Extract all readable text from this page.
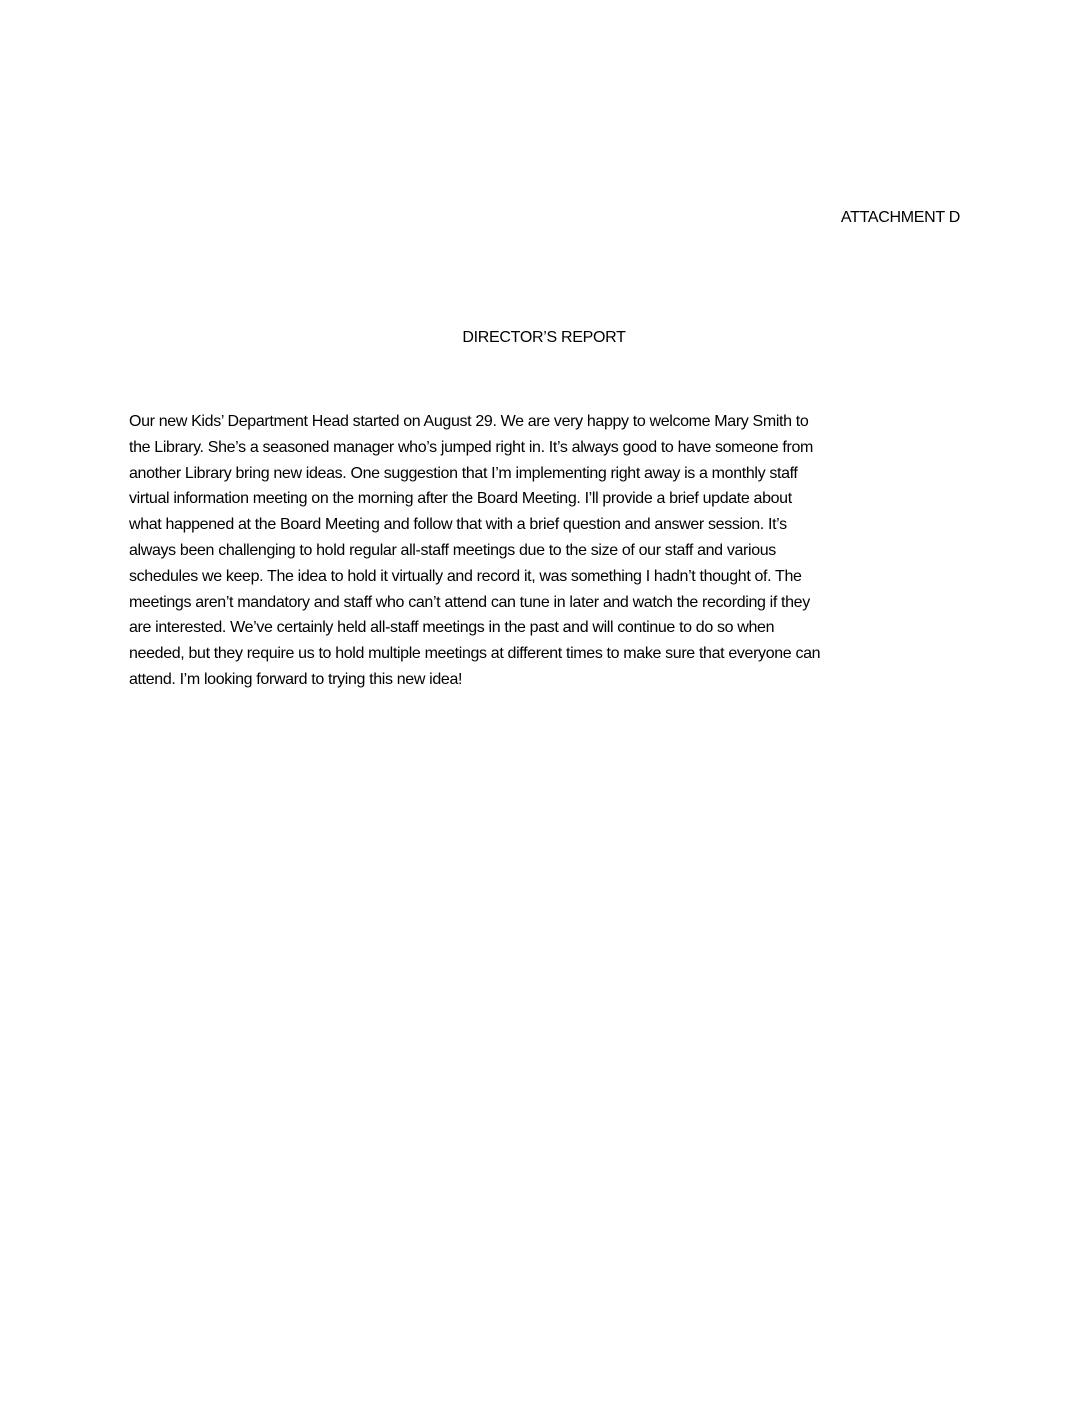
ATTACHMENT D
DIRECTOR’S REPORT
Our new Kids’ Department Head started on August 29. We are very happy to welcome Mary Smith to
the Library. She’s a seasoned manager who’s jumped right in. It’s always good to have someone from
another Library bring new ideas. One suggestion that I’m implementing right away is a monthly staff
virtual information meeting on the morning after the Board Meeting. I’ll provide a brief update about
what happened at the Board Meeting and follow that with a brief question and answer session. It’s
always been challenging to hold regular all-staff meetings due to the size of our staff and various
schedules we keep. The idea to hold it virtually and record it, was something I hadn’t thought of. The
meetings aren’t mandatory and staff who can’t attend can tune in later and watch the recording if they
are interested. We’ve certainly held all-staff meetings in the past and will continue to do so when
needed, but they require us to hold multiple meetings at different times to make sure that everyone can
attend. I’m looking forward to trying this new idea!
